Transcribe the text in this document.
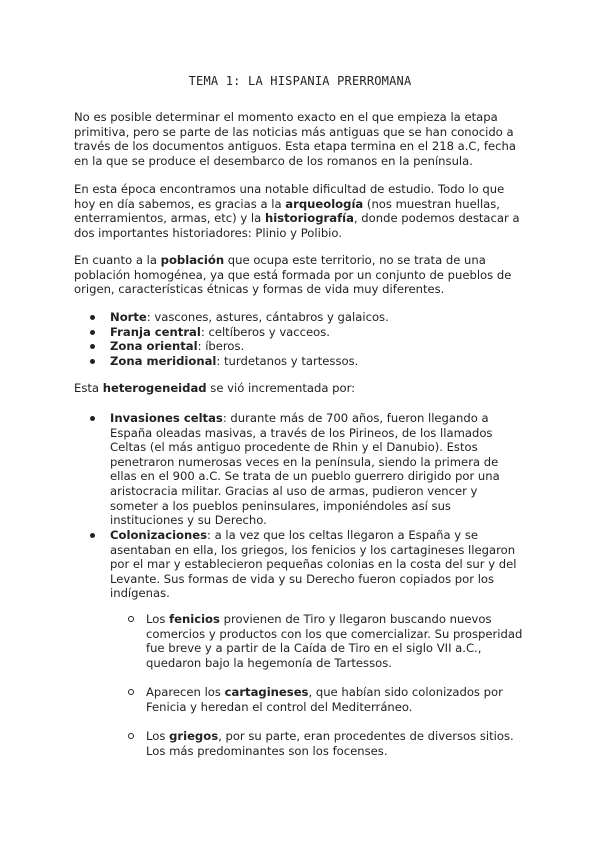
TEMA 1: LA HISPANIA PRERROMANA

No es posible determinar el momento exacto en el que empieza la etapa primitiva, pero se parte de las noticias más antiguas que se han conocido a través de los documentos antiguos. Esta etapa termina en el 218 a.C, fecha en la que se produce el desembarco de los romanos en la península.

En esta época encontramos una notable dificultad de estudio. Todo lo que hoy en día sabemos, es gracias a la arqueología (nos muestran huellas, enterramientos, armas, etc) y la historiografía, donde podemos destacar a dos importantes historiadores: Plinio y Polibio.

En cuanto a la población que ocupa este territorio, no se trata de una población homogénea, ya que está formada por un conjunto de pueblos de origen, características étnicas y formas de vida muy diferentes.

Norte: vascones, astures, cántabros y galaicos.
Franja central: celtíberos y vacceos.
Zona oriental: íberos.
Zona meridional: turdetanos y tartessos.

Esta heterogeneidad se vió incrementada por:

Invasiones celtas: durante más de 700 años, fueron llegando a España oleadas masivas, a través de los Pirineos, de los llamados Celtas (el más antiguo procedente de Rhin y el Danubio). Estos penetraron numerosas veces en la península, siendo la primera de ellas en el 900 a.C. Se trata de un pueblo guerrero dirigido por una aristocracia militar. Gracias al uso de armas, pudieron vencer y someter a los pueblos peninsulares, imponiéndoles así sus instituciones y su Derecho.
Colonizaciones: a la vez que los celtas llegaron a España y se asentaban en ella, los griegos, los fenicios y los cartagineses llegaron por el mar y establecieron pequeñas colonias en la costa del sur y del Levante. Sus formas de vida y su Derecho fueron copiados por los indígenas.
Los fenicios provienen de Tiro y llegaron buscando nuevos comercios y productos con los que comercializar. Su prosperidad fue breve y a partir de la Caída de Tiro en el siglo VII a.C., quedaron bajo la hegemonía de Tartessos.
Aparecen los cartagineses, que habían sido colonizados por Fenicia y heredan el control del Mediterráneo.
Los griegos, por su parte, eran procedentes de diversos sitios. Los más predominantes son los focenses.
